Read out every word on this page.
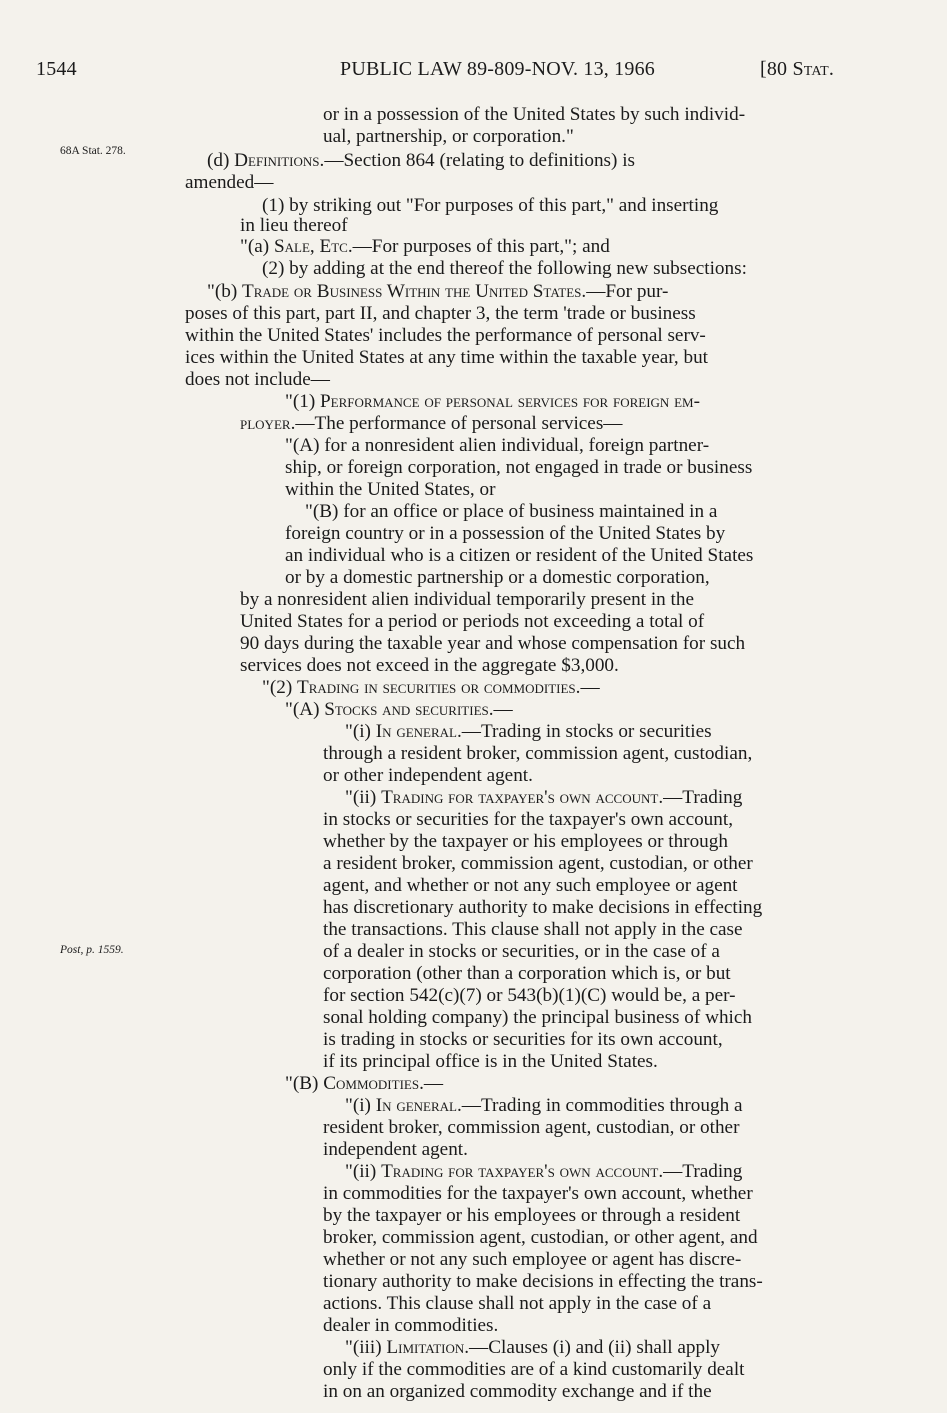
1544	PUBLIC LAW 89-809-NOV. 13, 1966	[80 Stat.
68A Stat. 278.
Post, p. 1559.
or in a possession of the United States by such individ-
ual, partnership, or corporation."
(d) Definitions.—Section 864 (relating to definitions) is
amended—
(1) by striking out "For purposes of this part," and inserting
in lieu thereof
"(a) Sale, Etc.—For purposes of this part,"; and
(2) by adding at the end thereof the following new subsections:
"(b) Trade or Business Within the United States.—For pur-
poses of this part, part II, and chapter 3, the term 'trade or business
within the United States' includes the performance of personal serv-
ices within the United States at any time within the taxable year, but
does not include—
"(1) Performance of personal services for foreign em-
ployer.—The performance of personal services—
"(A) for a nonresident alien individual, foreign partner-
ship, or foreign corporation, not engaged in trade or business
within the United States, or
"(B) for an office or place of business maintained in a
foreign country or in a possession of the United States by
an individual who is a citizen or resident of the United States
or by a domestic partnership or a domestic corporation,
by a nonresident alien individual temporarily present in the
United States for a period or periods not exceeding a total of
90 days during the taxable year and whose compensation for such
services does not exceed in the aggregate $3,000.
"(2) Trading in securities or commodities.—
"(A) Stocks and securities.—
"(i) In general.—Trading in stocks or securities
through a resident broker, commission agent, custodian,
or other independent agent.
"(ii) Trading for taxpayer's own account.—Trading
in stocks or securities for the taxpayer's own account,
whether by the taxpayer or his employees or through
a resident broker, commission agent, custodian, or other
agent, and whether or not any such employee or agent
has discretionary authority to make decisions in effecting
the transactions. This clause shall not apply in the case
of a dealer in stocks or securities, or in the case of a
corporation (other than a corporation which is, or but
for section 542(c)(7) or 543(b)(1)(C) would be, a per-
sonal holding company) the principal business of which
is trading in stocks or securities for its own account,
if its principal office is in the United States.
"(B) Commodities.—
"(i) In general.—Trading in commodities through a
resident broker, commission agent, custodian, or other
independent agent.
"(ii) Trading for taxpayer's own account.—Trading
in commodities for the taxpayer's own account, whether
by the taxpayer or his employees or through a resident
broker, commission agent, custodian, or other agent, and
whether or not any such employee or agent has discre-
tionary authority to make decisions in effecting the trans-
actions. This clause shall not apply in the case of a
dealer in commodities.
"(iii) Limitation.—Clauses (i) and (ii) shall apply
only if the commodities are of a kind customarily dealt
in on an organized commodity exchange and if the
